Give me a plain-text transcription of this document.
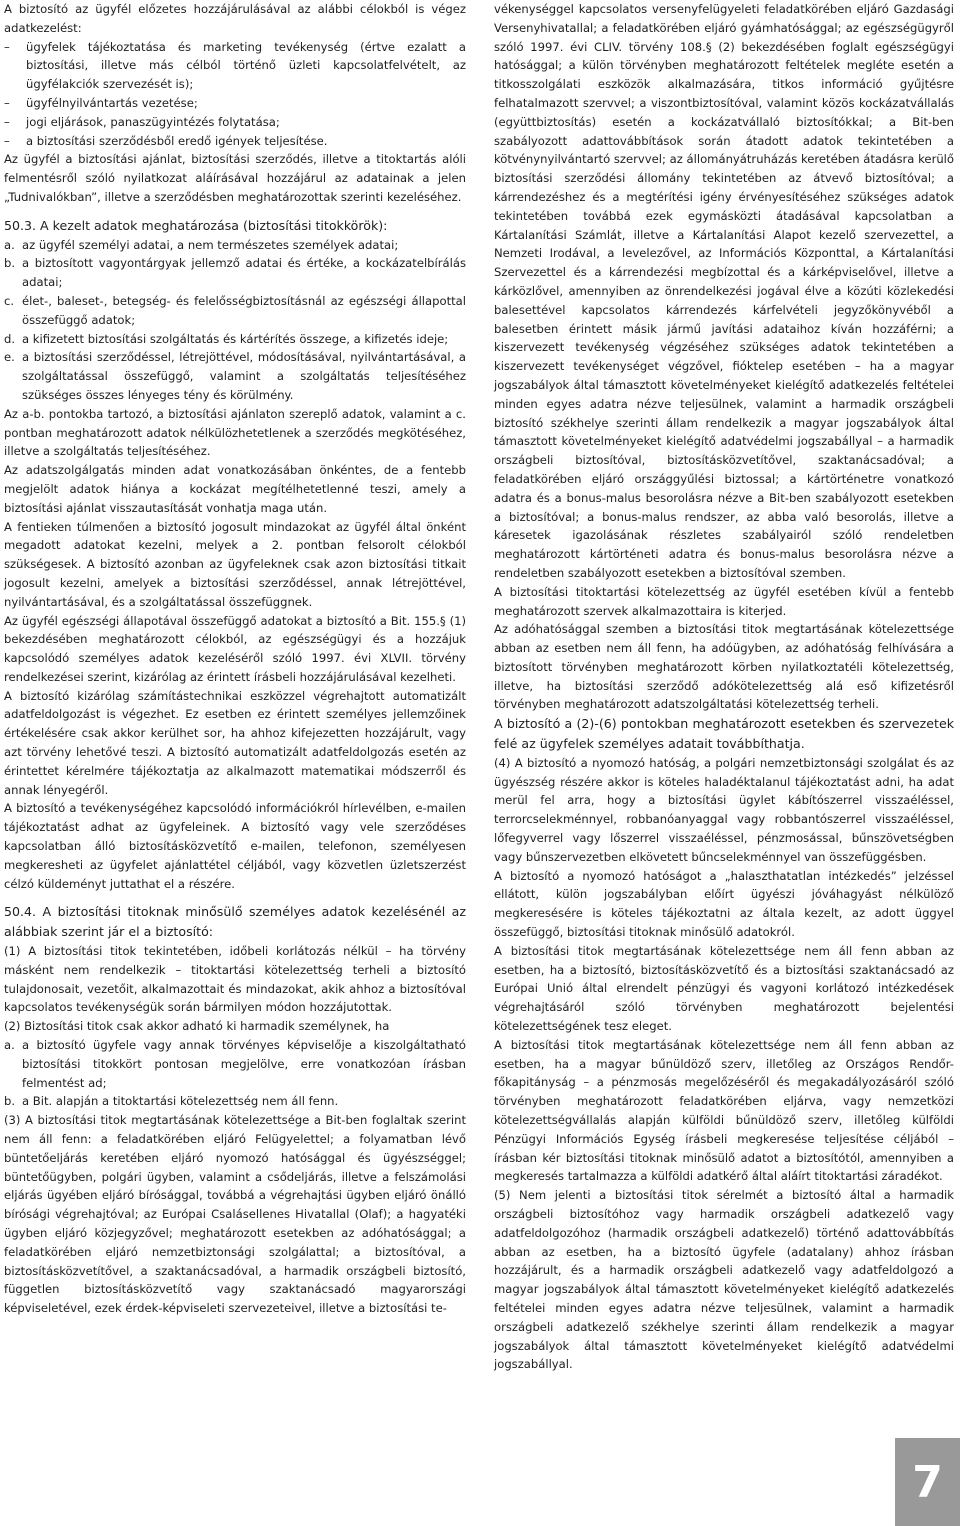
A biztosító az ügyfél előzetes hozzájárulásával az alábbi célokból is végez adatkezelést:

– ügyfelek tájékoztatása és marketing tevékenység (értve ezalatt a biztosítási, illetve más célból történő üzleti kapcsolatfelvételt, az ügyfélakciók szervezését is);
– ügyfélnyilvántartás vezetése;
– jogi eljárások, panaszügyintézés folytatása;
– a biztosítási szerződésből eredő igények teljesítése.

Az ügyfél a biztosítási ajánlat, biztosítási szerződés, illetve a titoktartás alóli felmentésről szóló nyilatkozat aláírásával hozzájárul az adatainak a jelen „Tudnivalókban”, illetve a szerződésben meghatározottak szerinti kezeléséhez.

50.3. A kezelt adatok meghatározása (biztosítási titokkörök):

a. az ügyfél személyi adatai, a nem természetes személyek adatai;
b. a biztosított vagyontárgyak jellemző adatai és értéke, a kockázatelbírálás adatai;
c. élet-, baleset-, betegség- és felelősségbiztosításnál az egészségi állapottal összefüggő adatok;
d. a kifizetett biztosítási szolgáltatás és kártérítés összege, a kifizetés ideje;
e. a biztosítási szerződéssel, létrejöttével, módosításával, nyilvántartásával, a szolgáltatással összefüggő, valamint a szolgáltatás teljesítéséhez szükséges összes lényeges tény és körülmény.

Az a-b. pontokba tartozó, a biztosítási ajánlaton szereplő adatok, valamint a c. pontban meghatározott adatok nélkülözhetetlenek a szerződés megkötéséhez, illetve a szolgáltatás teljesítéséhez.

Az adatszolgálgatás minden adat vonatkozásában önkéntes, de a fentebb megjelölt adatok hiánya a kockázat megítélhetetlenné teszi, amely a biztosítási ajánlat visszautasítását vonhatja maga után.

A fentieken túlmenően a biztosító jogosult mindazokat az ügyfél által önként megadott adatokat kezelni, melyek a 2. pontban felsorolt célokból szükségesek. A biztosító azonban az ügyfeleknek csak azon biztosítási titkait jogosult kezelni, amelyek a biztosítási szerződéssel, annak létrejöttével, nyilvántartásával, és a szolgáltatással összefüggnek.

Az ügyfél egészségi állapotával összefüggő adatokat a biztosító a Bit. 155.§ (1) bekezdésében meghatározott célokból, az egészségügyi és a hozzájuk kapcsolódó személyes adatok kezeléséről szóló 1997. évi XLVII. törvény rendelkezései szerint, kizárólag az érintett írásbeli hozzájárulásával kezelheti.

A biztosító kizárólag számítástechnikai eszközzel végrehajtott automatizált adatfeldolgozást is végezhet. Ez esetben ez érintett személyes jellemzőinek értékelésére csak akkor kerülhet sor, ha ahhoz kifejezetten hozzájárult, vagy azt törvény lehetővé teszi. A biztosító automatizált adatfeldolgozás esetén az érintettet kérelmére tájékoztatja az alkalmazott matematikai módszerről és annak lényegéről.

A biztosító a tevékenységéhez kapcsolódó információkról hírlevélben, e-mailen tájékoztatást adhat az ügyfeleinek. A biztosító vagy vele szerződéses kapcsolatban álló biztosításközvetítő e-mailen, telefonon, személyesen megkeresheti az ügyfelet ajánlattétel céljából, vagy közvetlen üzletszerzést célzó küldeményt juttathat el a részére.

50.4. A biztosítási titoknak minősülő személyes adatok kezelésénél az alábbiak szerint jár el a biztosító:

(1) A biztosítási titok tekintetében, időbeli korlátozás nélkül – ha törvény másként nem rendelkezik – titoktartási kötelezettség terheli a biztosító tulajdonosait, vezetőit, alkalmazottait és mindazokat, akik ahhoz a biztosítóval kapcsolatos tevékenységük során bármilyen módon hozzájutottak.

(2) Biztosítási titok csak akkor adható ki harmadik személynek, ha

a. a biztosító ügyfele vagy annak törvényes képviselője a kiszolgáltatható biztosítási titokkört pontosan megjelölve, erre vonatkozóan írásban felmentést ad;
b. a Bit. alapján a titoktartási kötelezettség nem áll fenn.

(3) A biztosítási titok megtartásának kötelezettsége a Bit-ben foglaltak szerint nem áll fenn: a feladatkörében eljáró Felügyelettel; a folyamatban lévő büntetőeljárás keretében eljáró nyomozó hatósággal és ügyészséggel; büntetőügyben, polgári ügyben, valamint a csődeljárás, illetve a felszámolási eljárás ügyében eljáró bírósággal, továbbá a végrehajtási ügyben eljáró önálló bírósági végrehajtóval; az Európai Csalásellenes Hivatallal (Olaf); a hagyatéki ügyben eljáró közjegyzővel; meghatározott esetekben az adóhatósággal; a feladatkörében eljáró nemzetbiztonsági szolgálattal; a biztosítóval, a biztosításközvetítővel, a szaktanácsadóval, a harmadik országbeli biztosító, független biztosításközvetítő vagy szaktanácsadó magyarországi képviseletével, ezek érdek-képviseleti szervezeteivel, illetve a biztosítási te-

vékenységgel kapcsolatos versenyfelügyeleti feladatkörében eljáró Gazdasági Versenyhivatallal; a feladatkörében eljáró gyámhatósággal; az egészségügyről szóló 1997. évi CLIV. törvény 108.§ (2) bekezdésében foglalt egészségügyi hatósággal; a külön törvényben meghatározott feltételek megléte esetén a titkosszolgálati eszközök alkalmazására, titkos információ gyűjtésre felhatalmazott szervvel; a viszontbiztosítóval, valamint közös kockázatvállalás (együttbiztosítás) esetén a kockázatvállaló biztosítókkal; a Bit-ben szabályozott adattovábbítások során átadott adatok tekintetében a kötvénynyilvántartó szervvel; az állományátruházás keretében átadásra kerülő biztosítási szerződési állomány tekintetében az átvevő biztosítóval; a kárrendezéshez és a megtérítési igény érvényesítéséhez szükséges adatok tekintetében továbbá ezek egymásközti átadásával kapcsolatban a Kártalanítási Számlát, illetve a Kártalanítási Alapot kezelő szervezettel, a Nemzeti Irodával, a levelezővel, az Információs Központtal, a Kártalanítási Szervezettel és a kárrendezési megbízottal és a kárképviselővel, illetve a kárközlővel, amennyiben az önrendelkezési jogával élve a közúti közlekedési balesettével kapcsolatos kárrendezés kárfelvételi jegyzőkönyvéből a balesetben érintett másik jármű javítási adataihoz kíván hozzáférni; a kiszervezett tevékenység végzéséhez szükséges adatok tekintetében a kiszervezett tevékenységet végzővel, fióktelep esetében – ha a magyar jogszabályok által támasztott követelményeket kielégítő adatkezelés feltételei minden egyes adatra nézve teljesülnek, valamint a harmadik országbeli biztosító székhelye szerinti állam rendelkezik a magyar jogszabályok által támasztott követelményeket kielégítő adatvédelmi jogszabállyal – a harmadik országbeli biztosítóval, biztosításközvetítővel, szaktanácsadóval; a feladatkörében eljáró országgyűlési biztossal; a kártörténetre vonatkozó adatra és a bonus-malus besorolásra nézve a Bit-ben szabályozott esetekben a biztosítóval; a bonus-malus rendszer, az abba való besorolás, illetve a káresetek igazolásának részletes szabályairól szóló rendeletben meghatározott kártörténeti adatra és bonus-malus besorolásra nézve a rendeletben szabályozott esetekben a biztosítóval szemben.

A biztosítási titoktartási kötelezettség az ügyfél esetében kívül a fentebb meghatározott szervek alkalmazottaira is kiterjed.

Az adóhatósággal szemben a biztosítási titok megtartásának kötelezettsége abban az esetben nem áll fenn, ha adóügyben, az adóhatóság felhívására a biztosított törvényben meghatározott körben nyilatkoztatéli kötelezettség, illetve, ha biztosítási szerződő adókötelezettség alá eső kifizetésről törvényben meghatározott adatszolgáltatási kötelezettség terheli.

A biztosító a (2)-(6) pontokban meghatározott esetekben és szervezetek felé az ügyfelek személyes adatait továbbíthatja.

(4) A biztosító a nyomozó hatóság, a polgári nemzetbiztonsági szolgálat és az ügyészség részére akkor is köteles haladéktalanul tájékoztatást adni, ha adat merül fel arra, hogy a biztosítási ügylet kábítószerrel visszaéléssel, terrorcselekménnyel, robbanóanyaggal vagy robbantószerrel visszaéléssel, lőfegyverrel vagy lőszerrel visszaéléssel, pénzmosással, bűnszövetségben vagy bűnszervezetben elkövetett bűncselekménnyel van összefüggésben.

A biztosító a nyomozó hatóságot a „halaszthatatlan intézkedés” jelzéssel ellátott, külön jogszabályban előírt ügyészi jóváhagyást nélkülöző megkeresésére is köteles tájékoztatni az általa kezelt, az adott üggyel összefüggő, biztosítási titoknak minősülő adatokról.

A biztosítási titok megtartásának kötelezettsége nem áll fenn abban az esetben, ha a biztosító, biztosításközvetítő és a biztosítási szaktanácsadó az Európai Unió által elrendelt pénzügyi és vagyoni korlátozó intézkedések végrehajtásáról szóló törvényben meghatározott bejelentési kötelezettségének tesz eleget.

A biztosítási titok megtartásának kötelezettsége nem áll fenn abban az esetben, ha a magyar bűnüldöző szerv, illetőleg az Országos Rendőr-főkapitányság – a pénzmosás megelőzéséről és megakadályozásáról szóló törvényben meghatározott feladatkörében eljárva, vagy nemzetközi kötelezettségvállalás alapján külföldi bűnüldöző szerv, illetőleg külföldi Pénzügyi Információs Egység írásbeli megkeresése teljesítése céljából – írásban kér biztosítási titoknak minősülő adatot a biztosítótól, amennyiben a megkeresés tartalmazza a külföldi adatkérő által aláírt titoktartási záradékot.

(5) Nem jelenti a biztosítási titok sérelmét a biztosító által a harmadik országbeli biztosítóhoz vagy harmadik országbeli adatkezelő vagy adatfeldolgozóhoz (harmadik országbeli adatkezelő) történő adattovábbítás abban az esetben, ha a biztosító ügyfele (adatalany) ahhoz írásban hozzájárult, és a harmadik országbeli adatkezelő vagy adatfeldolgozó a magyar jogszabályok által támasztott követelményeket kielégítő adatkezelés feltételei minden egyes adatra nézve teljesülnek, valamint a harmadik országbeli adatkezelő székhelye szerinti állam rendelkezik a magyar jogszabályok által támasztott követelményeket kielégítő adatvédelmi jogszabállyal.

7
